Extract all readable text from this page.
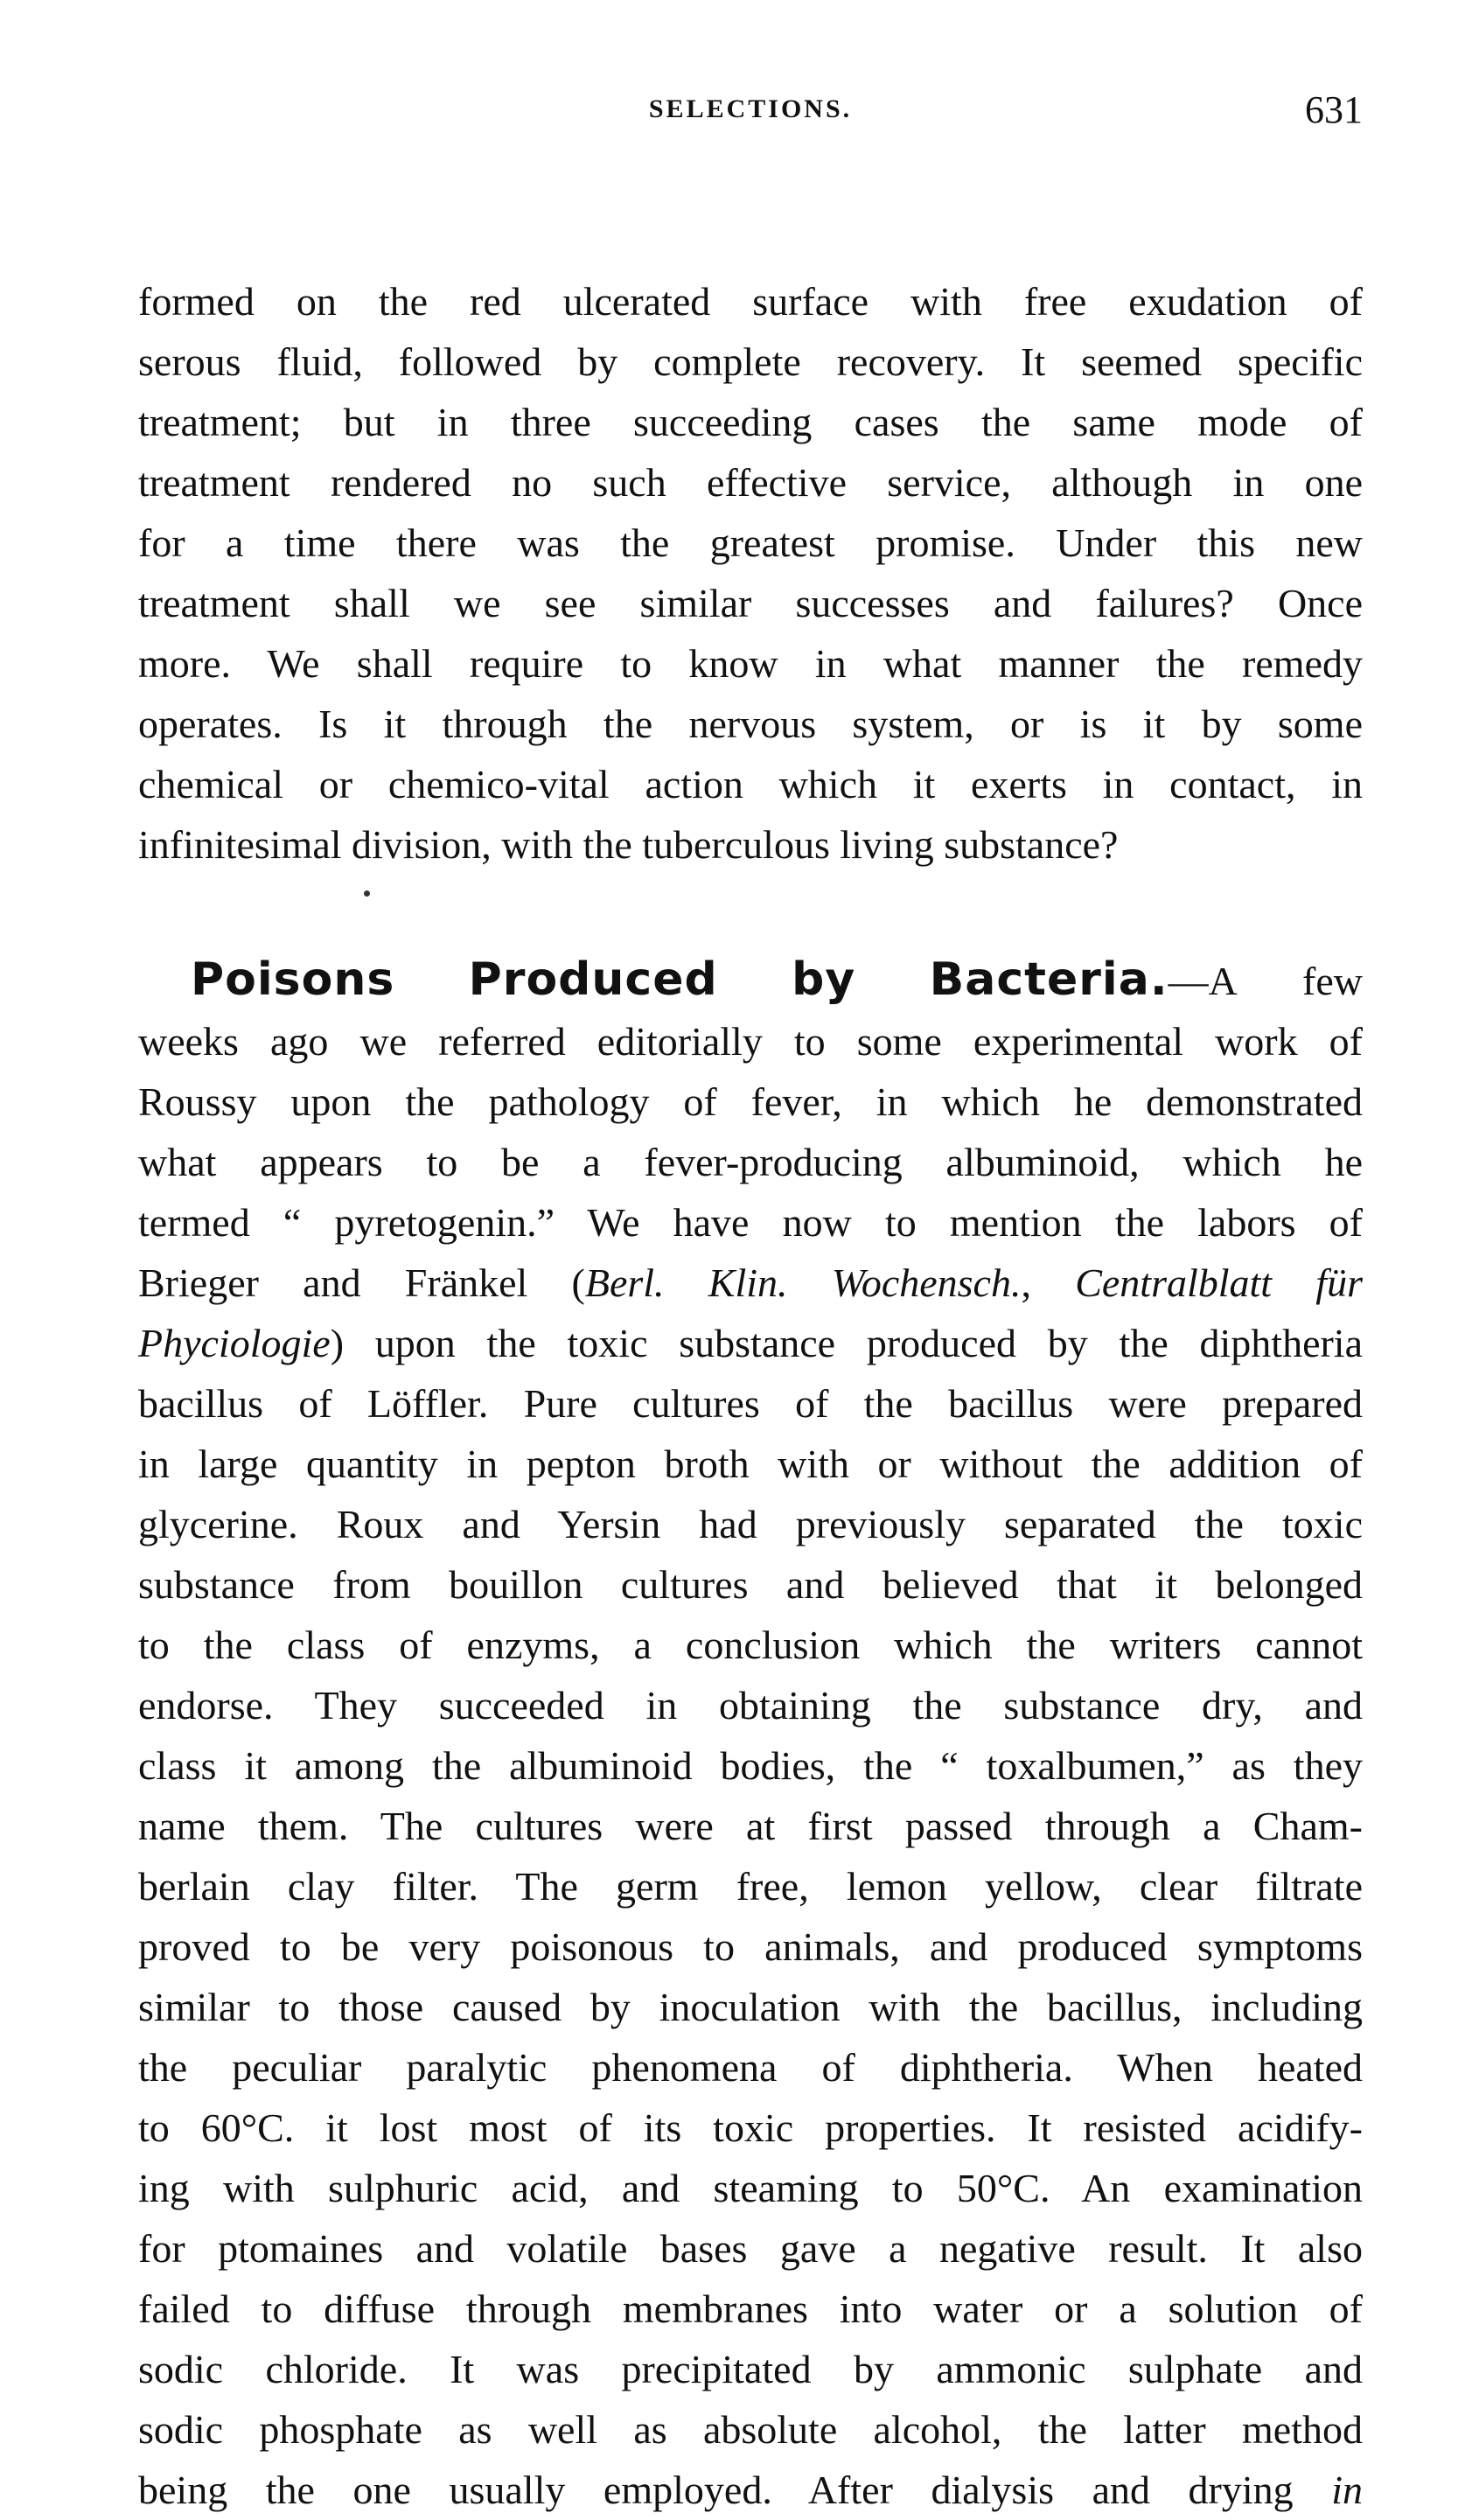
SELECTIONS.	631
formed on the red ulcerated surface with free exudation of
serous fluid, followed by complete recovery. It seemed specific
treatment; but in three succeeding cases the same mode of
treatment rendered no such effective service, although in one
for a time there was the greatest promise. Under this new
treatment shall we see similar successes and failures? Once
more. We shall require to know in what manner the remedy
operates. Is it through the nervous system, or is it by some
chemical or chemico-vital action which it exerts in contact, in
infinitesimal division, with the tuberculous living substance?
Poisons Produced by Bacteria.—A few
weeks ago we referred editorially to some experimental work of
Roussy upon the pathology of fever, in which he demonstrated
what appears to be a fever-producing albuminoid, which he
termed “ pyretogenin.” We have now to mention the labors of
Brieger and Fränkel (Berl. Klin. Wochensch., Centralblatt für
Phyciologie) upon the toxic substance produced by the diphtheria
bacillus of Löffler. Pure cultures of the bacillus were prepared
in large quantity in pepton broth with or without the addition of
glycerine. Roux and Yersin had previously separated the toxic
substance from bouillon cultures and believed that it belonged
to the class of enzyms, a conclusion which the writers cannot
endorse. They succeeded in obtaining the substance dry, and
class it among the albuminoid bodies, the “ toxalbumen,” as they
name them. The cultures were at first passed through a Cham-
berlain clay filter. The germ free, lemon yellow, clear filtrate
proved to be very poisonous to animals, and produced symptoms
similar to those caused by inoculation with the bacillus, including
the peculiar paralytic phenomena of diphtheria. When heated
to 60°C. it lost most of its toxic properties. It resisted acidify-
ing with sulphuric acid, and steaming to 50°C. An examination
for ptomaines and volatile bases gave a negative result. It also
failed to diffuse through membranes into water or a solution of
sodic chloride. It was precipitated by ammonic sulphate and
sodic phosphate as well as absolute alcohol, the latter method
being the one usually employed. After dialysis and drying in
